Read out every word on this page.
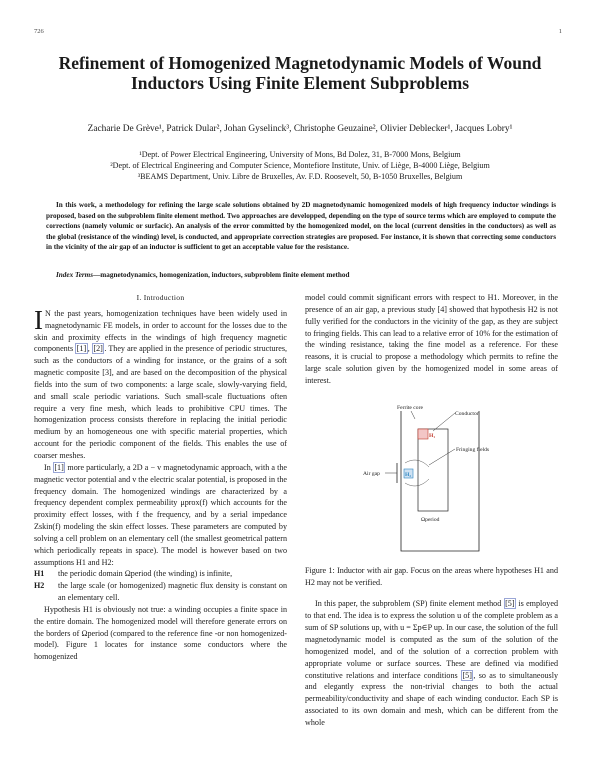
726	1
Refinement of Homogenized Magnetodynamic Models of Wound Inductors Using Finite Element Subproblems

Zacharie De Grève¹, Patrick Dular², Johan Gyselinck³, Christophe Geuzaine², Olivier Deblecker¹, Jacques Lobry¹

¹Dept. of Power Electrical Engineering, University of Mons, Bd Dolez, 31, B-7000 Mons, Belgium
²Dept. of Electrical Engineering and Computer Science, Montefiore Institute, Univ. of Liège, B-4000 Liège, Belgium
³BEAMS Department, Univ. Libre de Bruxelles, Av. F.D. Roosevelt, 50, B-1050 Bruxelles, Belgium

In this work, a methodology for refining the large scale solutions obtained by 2D magnetodynamic homogenized models of high frequency inductor windings is proposed, based on the subproblem finite element method. Two approaches are developped, depending on the type of source terms which are employed to compute the corrections (namely volumic or surfacic). An analysis of the error committed by the homogenized model, on the local (current densities in the conductors) as well as the global (resistance of the winding) level, is conducted, and appropriate correction strategies are proposed. For instance, it is shown that correcting some conductors in the vicinity of the air gap of an inductor is sufficient to get an acceptable value for the resistance.

Index Terms—magnetodynamics, homogenization, inductors, subproblem finite element method

I. Introduction

I N the past years, homogenization techniques have been widely used in magnetodynamic FE models, in order to account for the losses due to the skin and proximity effects in the windings of high frequency magnetic components [1] , [2] . They are applied in the presence of periodic structures, such as the conductors of a winding for instance, or the grains of a soft magnetic composite [3], and are based on the decomposition of the physical fields into the sum of two components: a large scale, slowly-varying field, and small scale periodic variations. Such small-scale fluctuations often require a very fine mesh, which leads to prohibitive CPU times. The homogenization process consists therefore in replacing the initial periodic medium by an homogeneous one with specific material properties, which account for the periodic component of the fields. This enables the use of coarser meshes.

In [1] more particularly, a 2D a − v magnetodynamic approach, with a the magnetic vector potential and v the electric scalar potential, is proposed in the frequency domain. The homogenized windings are characterized by a frequency dependent complex permeability μprox(f) which accounts for the proximity effect losses, with f the frequency, and by a serial impedance Zskin(f) modeling the skin effect losses. These parameters are computed by solving a cell problem on an elementary cell (the smallest geometrical pattern which periodically repeats in space). The model is however based on two assumptions H1 and H2:

H1	the periodic domain Ωperiod (the winding) is infinite,
H2	the large scale (or homogenized) magnetic flux density is constant on an elementary cell.

Hypothesis H1 is obviously not true: a winding occupies a finite space in the entire domain. The homogenized model will therefore generate errors on the borders of Ωperiod (compared to the reference fine -or non homogenized- model). Figure 1 locates for instance some conductors where the homogenized

model could commit significant errors with respect to H1. Moreover, in the presence of an air gap, a previous study [4] showed that hypothesis H2 is not fully verified for the conductors in the vicinity of the gap, as they are subject to fringing fields. This can lead to a relative error of 10% for the estimation of the winding resistance, taking the fine model as a reference. For these reasons, it is crucial to propose a methodology which permits to refine the large scale solution given by the homogenized model in some areas of interest.

Ferrite core
Conductor
Fringing fields
Air gap
H₁
H₂
Ωperiod

Figure 1: Inductor with air gap. Focus on the areas where hypotheses H1 and H2 may not be verified.

In this paper, the subproblem (SP) finite element method [5] is employed to that end. The idea is to express the solution u of the complete problem as a sum of SP solutions up, with u = Σp∈P up. In our case, the solution of the full magnetodynamic model is computed as the sum of the solution of the homogenized model, and of the solution of a correction problem with appropriate volume or surface sources. These are defined via modified constitutive relations and interface conditions [5] , so as to simultaneously and elegantly express the non-trivial changes to both the actual permeability/conductivity and shape of each winding conductor. Each SP is associated to its own domain and mesh, which can be different from the whole
